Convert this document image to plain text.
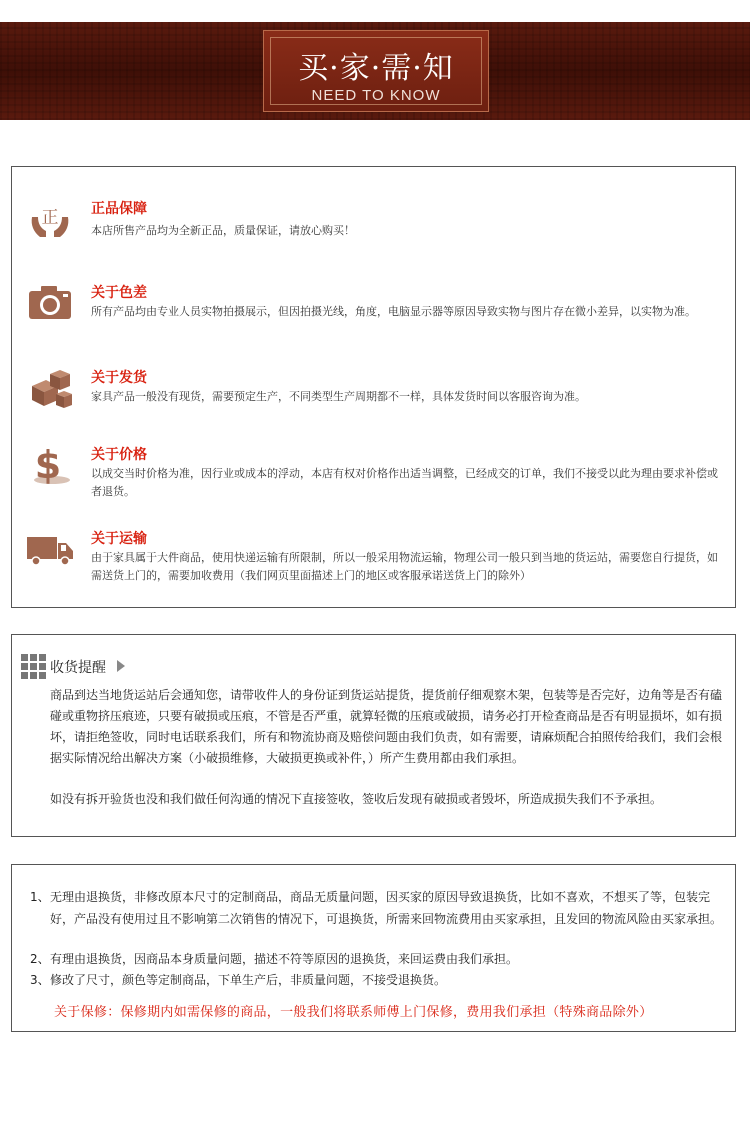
买·家·需·知
NEED TO KNOW
正 正品保障
本店所售产品均为全新正品，质量保证，请放心购买！
关于色差
所有产品均由专业人员实物拍摄展示，但因拍摄光线，角度，电脑显示器等原因导致实物与图片存在微小差异，以实物为准。
关于发货
家具产品一般没有现货，需要预定生产，不同类型生产周期都不一样，具体发货时间以客服咨询为准。
$ 关于价格
以成交当时价格为准，因行业或成本的浮动，本店有权对价格作出适当调整，已经成交的订单，我们不接受以此为理由要求补偿或者退货。
关于运输
由于家具属于大件商品，使用快递运输有所限制，所以一般采用物流运输，物理公司一般只到当地的货运站，需要您自行提货，如需送货上门的，需要加收费用（我们网页里面描述上门的地区或客服承诺送货上门的除外）
收货提醒
商品到达当地货运站后会通知您，请带收件人的身份证到货运站提货，提货前仔细观察木架，包装等是否完好，边角等是否有磕碰或重物挤压痕迹，只要有破损或压痕，不管是否严重，就算轻微的压痕或破损，请务必打开检查商品是否有明显损坏，如有损坏，请拒绝签收，同时电话联系我们，所有和物流协商及赔偿问题由我们负责，如有需要，请麻烦配合拍照传给我们，我们会根据实际情况给出解决方案（小破损维修，大破损更换或补件，）所产生费用都由我们承担。
如没有拆开验货也没和我们做任何沟通的情况下直接签收，签收后发现有破损或者毁坏，所造成损失我们不予承担。
1、 无理由退换货，非修改原本尺寸的定制商品，商品无质量问题，因买家的原因导致退换货，比如不喜欢，不想买了等，包装完好，产品没有使用过且不影响第二次销售的情况下，可退换货，所需来回物流费用由买家承担，且发回的物流风险由买家承担。
2、 有理由退换货，因商品本身质量问题，描述不符等原因的退换货，来回运费由我们承担。
3、 修改了尺寸，颜色等定制商品，下单生产后，非质量问题，不接受退换货。
关于保修：保修期内如需保修的商品，一般我们将联系师傅上门保修，费用我们承担（特殊商品除外）
